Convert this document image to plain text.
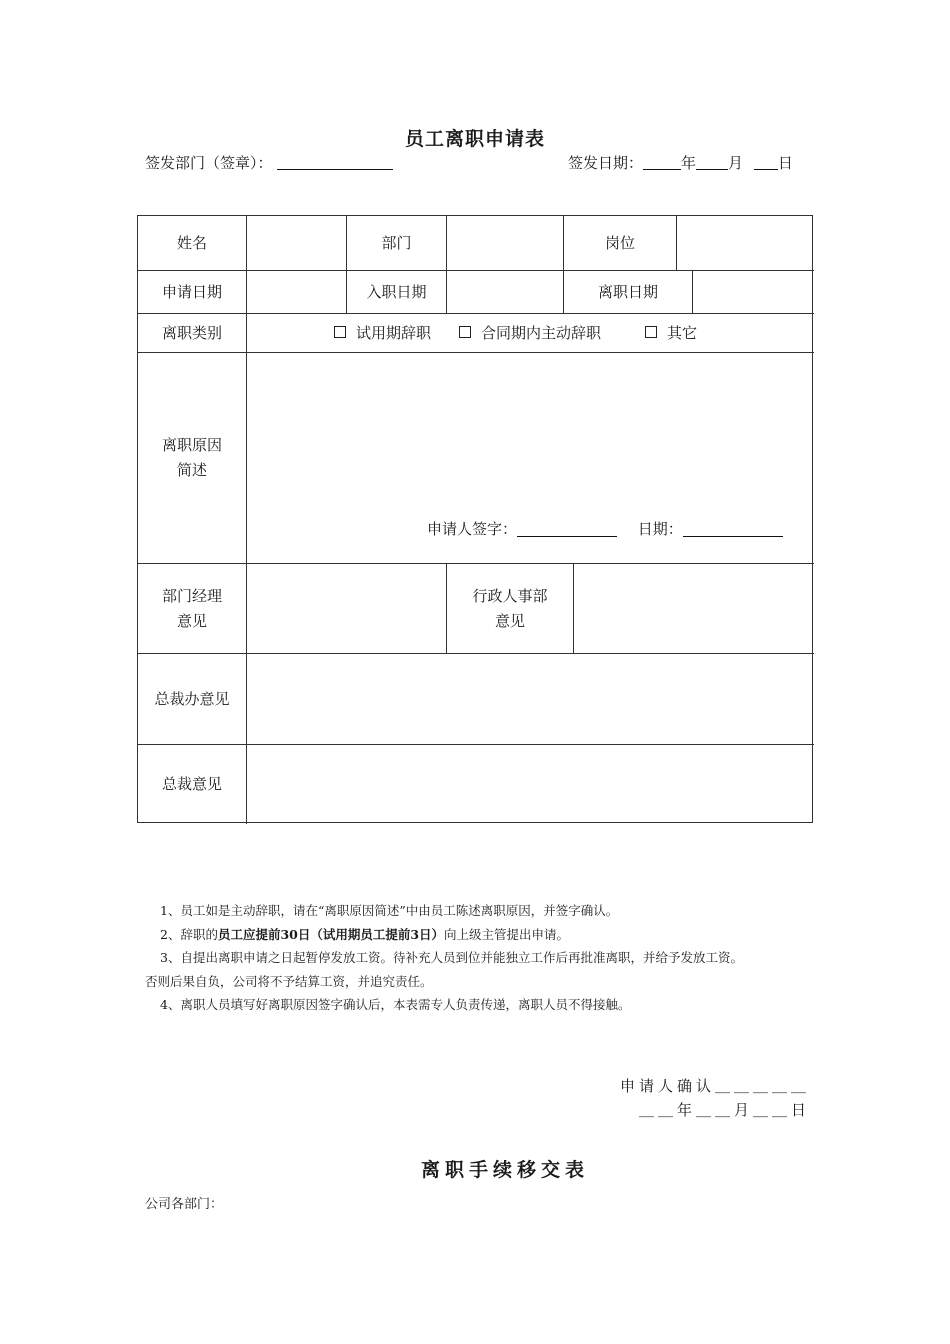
员工离职申请表
签发部门（签章）：	签发日期：	年 月 日
姓名	部门	岗位
申请日期	入职日期	离职日期
离职类别	试用期辞职	合同期内主动辞职	其它
离职原因
简述
申请人签字：	日期：
部门经理
意见
行政人事部
意见
总裁办意见
总裁意见

1、员工如是主动辞职，请在“离职原因简述”中由员工陈述离职原因，并签字确认。

2、辞职的员工应提前30日（试用期员工提前3日）向上级主管提出申请。

3、自提出离职申请之日起暂停发放工资。待补充人员到位并能独立工作后再批准离职，并给予发放工资。

否则后果自负，公司将不予结算工资，并追究责任。

4、离职人员填写好离职原因签字确认后，本表需专人负责传递，离职人员不得接触。

申请人确认＿＿＿＿＿
＿＿年＿＿月＿＿日
离职手续移交表
公司各部门：
